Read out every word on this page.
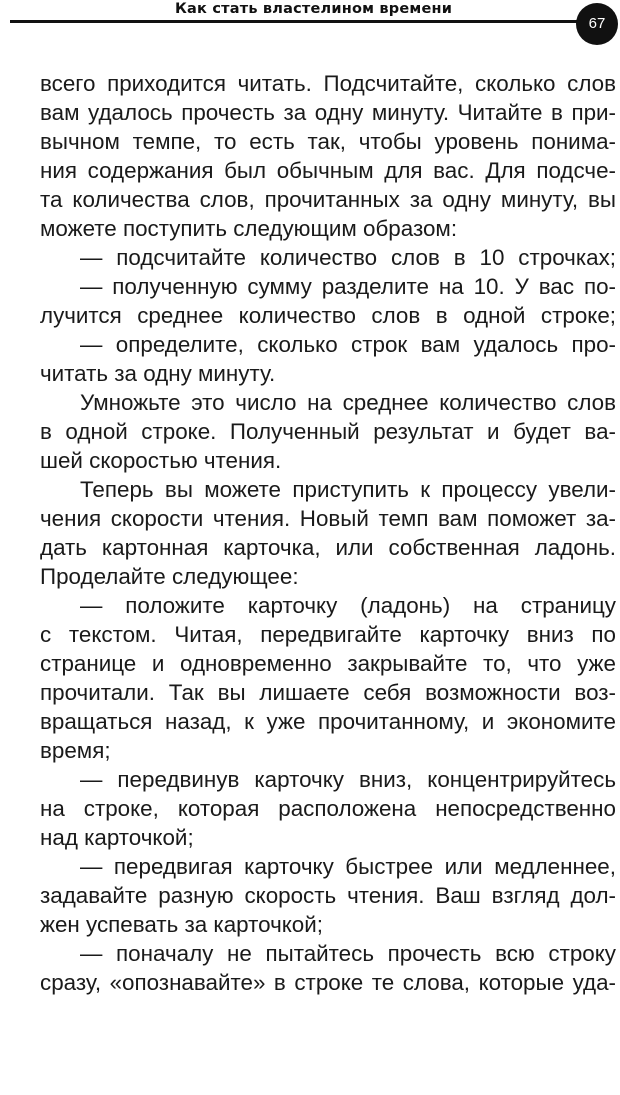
Как стать властелином времени
67

всего приходится читать. Подсчитайте, сколько слов

вам удалось прочесть за одну минуту. Читайте в при-

вычном темпе, то есть так, чтобы уровень понима-

ния содержания был обычным для вас. Для подсче-

та количества слов, прочитанных за одну минуту, вы

можете поступить следующим образом:

— подсчитайте количество слов в 10 строчках;

— полученную сумму разделите на 10. У вас по-

лучится среднее количество слов в одной строке;

— определите, сколько строк вам удалось про-

читать за одну минуту.

Умножьте это число на среднее количество слов

в одной строке. Полученный результат и будет ва-

шей скоростью чтения.

Теперь вы можете приступить к процессу увели-

чения скорости чтения. Новый темп вам поможет за-

дать картонная карточка, или собственная ладонь.

Проделайте следующее:

— положите карточку (ладонь) на страницу

с текстом. Читая, передвигайте карточку вниз по

странице и одновременно закрывайте то, что уже

прочитали. Так вы лишаете себя возможности воз-

вращаться назад, к уже прочитанному, и экономите

время;

— передвинув карточку вниз, концентрируйтесь

на строке, которая расположена непосредственно

над карточкой;

— передвигая карточку быстрее или медленнее,

задавайте разную скорость чтения. Ваш взгляд дол-

жен успевать за карточкой;

— поначалу не пытайтесь прочесть всю строку

сразу, «опознавайте» в строке те слова, которые уда-
